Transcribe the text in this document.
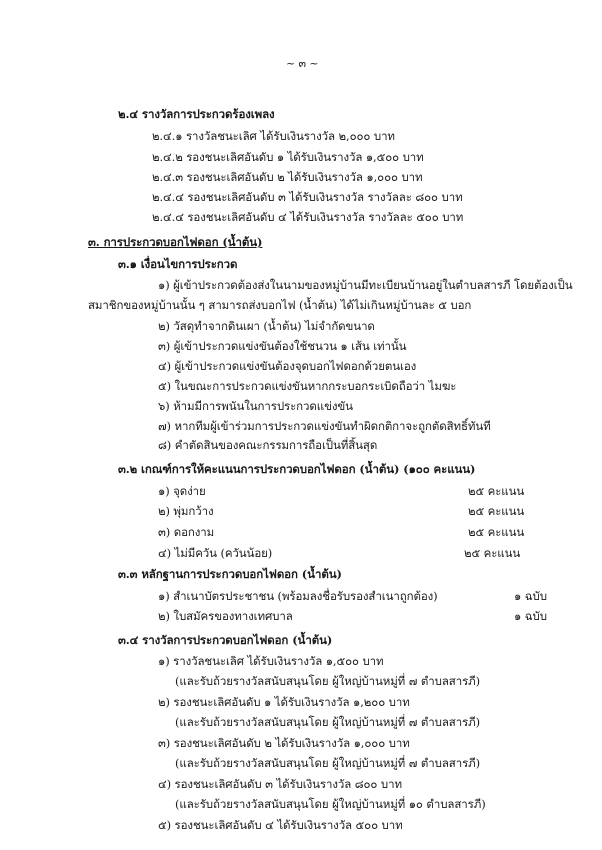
~ ๓ ~
๒.๔ รางวัลการประกวดร้องเพลง
๒.๔.๑ รางวัลชนะเลิศ ได้รับเงินรางวัล ๒,๐๐๐ บาท
๒.๔.๒ รองชนะเลิศอันดับ ๑ ได้รับเงินรางวัล ๑,๕๐๐ บาท
๒.๔.๓ รองชนะเลิศอันดับ ๒ ได้รับเงินรางวัล ๑,๐๐๐ บาท
๒.๔.๔ รองชนะเลิศอันดับ ๓ ได้รับเงินรางวัล รางวัลละ ๘๐๐ บาท
๒.๔.๔ รองชนะเลิศอันดับ ๔ ได้รับเงินรางวัล รางวัลละ ๕๐๐ บาท
๓. การประกวดบอกไฟดอก (น้ำต้น)
๓.๑ เงื่อนไขการประกวด
๑) ผู้เข้าประกวดต้องส่งในนามของหมู่บ้านมีทะเบียนบ้านอยู่ในตำบลสารภี โดยต้องเป็น
สมาชิกของหมู่บ้านนั้น ๆ สามารถส่งบอกไฟ (น้ำต้น) ได้ไม่เกินหมู่บ้านละ ๕ บอก
๒) วัสดุทำจากดินเผา (น้ำต้น) ไม่จำกัดขนาด
๓) ผู้เข้าประกวดแข่งขันต้องใช้ชนวน ๑ เส้น เท่านั้น
๔) ผู้เข้าประกวดแข่งขันต้องจุดบอกไฟดอกด้วยตนเอง
๕) ในขณะการประกวดแข่งขันหากกระบอกระเบิดถือว่า ไมฆะ
๖) ห้ามมีการพนันในการประกวดแข่งขัน
๗) หากทีมผู้เข้าร่วมการประกวดแข่งขันทำผิดกติกาจะถูกตัดสิทธิ์ทันที
๘) คำตัดสินของคณะกรรมการถือเป็นที่สิ้นสุด
๓.๒ เกณฑ์การให้คะแนนการประกวดบอกไฟดอก (น้ำต้น) (๑๐๐ คะแนน)
๑) จุดง่าย	๒๕ คะแนน
๒) พุ่มกว้าง	๒๕ คะแนน
๓) ดอกงาม	๒๕ คะแนน
๔) ไม่มีควัน (ควันน้อย)	๒๕ คะแนน
๓.๓ หลักฐานการประกวดบอกไฟดอก (น้ำต้น)
๑) สำเนาบัตรประชาชน (พร้อมลงชื่อรับรองสำเนาถูกต้อง)	๑ ฉบับ
๒) ใบสมัครของทางเทศบาล	๑ ฉบับ
๓.๔ รางวัลการประกวดบอกไฟดอก (น้ำต้น)
๑) รางวัลชนะเลิศ ได้รับเงินรางวัล ๑,๕๐๐ บาท
(และรับถ้วยรางวัลสนับสนุนโดย ผู้ใหญ่บ้านหมู่ที่ ๗ ตำบลสารภี)
๒) รองชนะเลิศอันดับ ๑ ได้รับเงินรางวัล ๑,๒๐๐ บาท
(และรับถ้วยรางวัลสนับสนุนโดย ผู้ใหญ่บ้านหมู่ที่ ๗ ตำบลสารภี)
๓) รองชนะเลิศอันดับ ๒ ได้รับเงินรางวัล ๑,๐๐๐ บาท
(และรับถ้วยรางวัลสนับสนุนโดย ผู้ใหญ่บ้านหมู่ที่ ๗ ตำบลสารภี)
๔) รองชนะเลิศอันดับ ๓ ได้รับเงินรางวัล ๘๐๐ บาท
(และรับถ้วยรางวัลสนับสนุนโดย ผู้ใหญ่บ้านหมู่ที่ ๑๐ ตำบลสารภี)
๕) รองชนะเลิศอันดับ ๔ ได้รับเงินรางวัล ๕๐๐ บาท
